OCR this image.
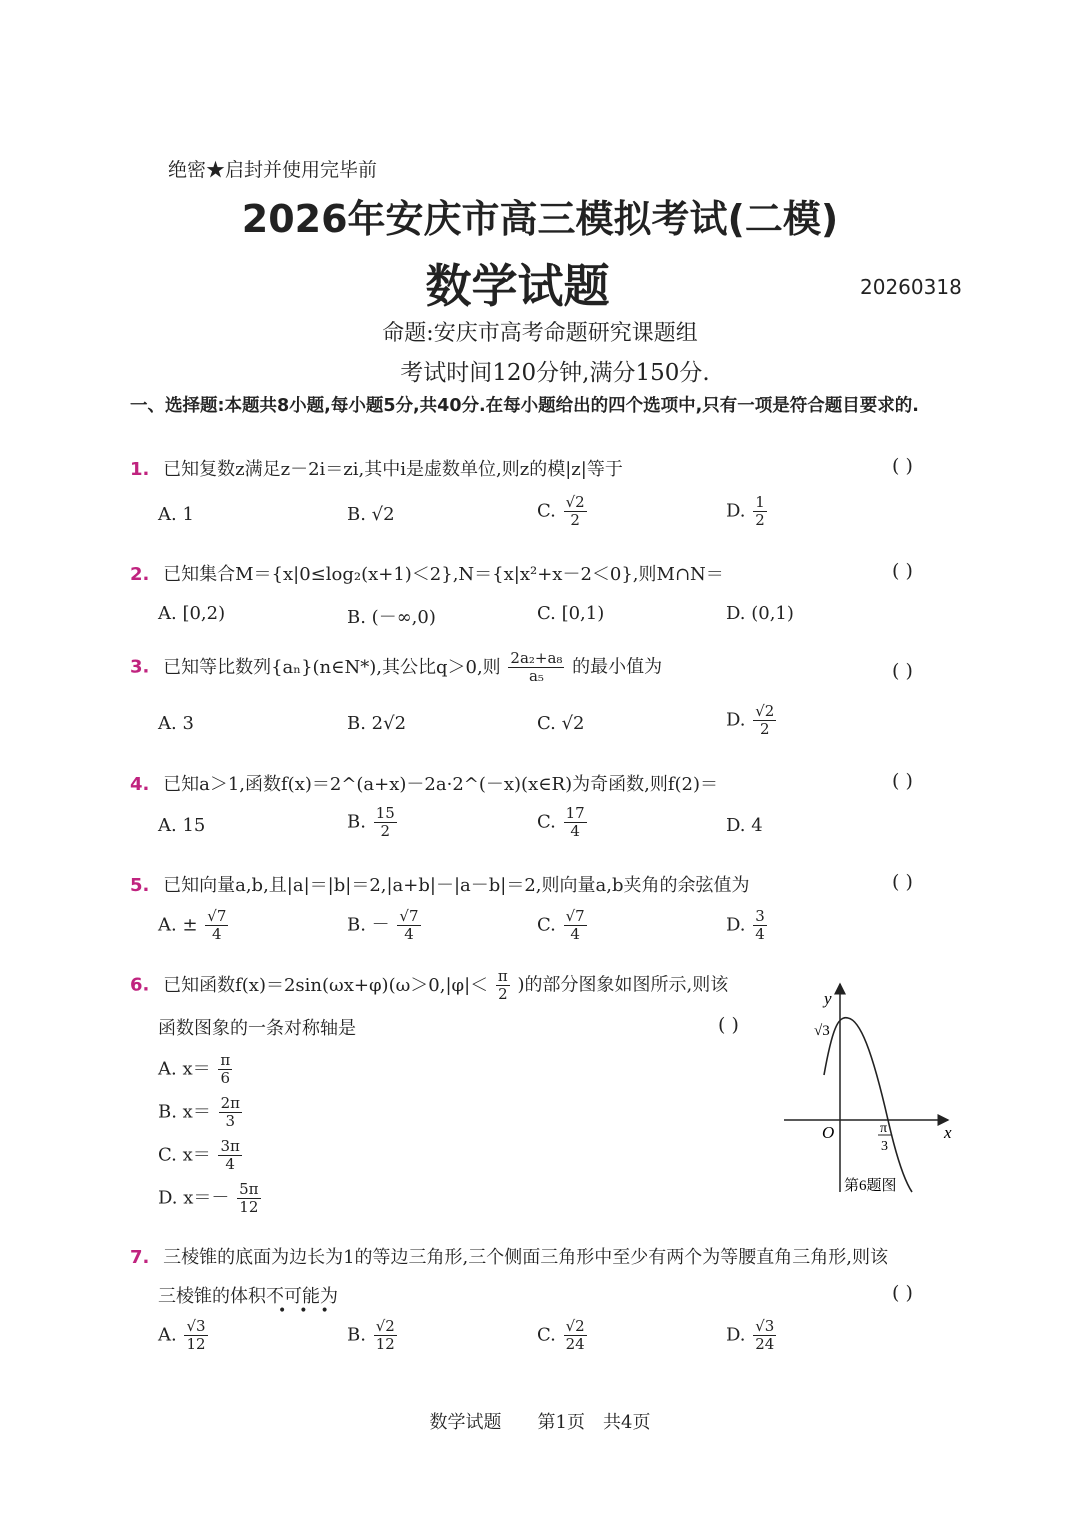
绝密★启封并使用完毕前
2026年安庆市高三模拟考试(二模)
数学试题	20260318
命题:安庆市高考命题研究课题组
考试时间120分钟,满分150分.
一、选择题:本题共8小题,每小题5分,共40分.在每小题给出的四个选项中,只有一项是符合题目要求的.
1. 已知复数z满足z－2i＝zi,其中i是虚数单位,则z的模|z|等于	( )
A. 1	B. √2	C. $\frac{√2}{2}$	D. $\frac{1}{2}$
2. 已知集合M＝{x|0≤log₂(x+1)＜2},N＝{x|x²+x－2＜0},则M∩N＝	( )
A. [0,2)	B. (－∞,0)	C. [0,1)	D. (0,1)
3. 已知等比数列{aₙ}(n∈N*),其公比q＞0,则 $\frac{\text{2a₂+a₈}}{\text{a₅}}$ 的最小值为	( )
A. 3	B. 2√2	C. √2	D. $\frac{√2}{2}$
4. 已知a＞1,函数f(x)＝2^(a+x)－2a·2^(－x)(x∈R)为奇函数,则f(2)＝	( )
A. 15	B. $\frac{15}{2}$	C. $\frac{17}{4}$	D. 4
5. 已知向量a,b,且|a|＝|b|＝2,|a+b|－|a－b|＝2,则向量a,b夹角的余弦值为	( )
A. ± $\frac{√7}{4}$	B. － $\frac{√7}{4}$	C. $\frac{√7}{4}$	D. $\frac{3}{4}$
6. 已知函数$f(x)=2\sin(\omega x+\varphi)(\omega>0,|\varphi|< \frac{\pi}{2}$ )的部分图象如图所示,则该
函数图象的一条对称轴是	( )
A. $x= \frac{\pi}{6}$
B. $x= \frac{2\pi}{3}$
C. $x= \frac{3\pi}{4}$
D. $x=- \frac{5\pi}{12}$
y
x
O
√3
π
3
第6题图
7. 三棱锥的底面为边长为1的等边三角形,三个侧面三角形中至少有两个为等腰直角三角形,则该
三棱锥的体积不可能为
•••
( )
A. $\frac{√3}{12}$	B. $\frac{√2}{12}$	C. $\frac{√2}{24}$	D. $\frac{√3}{24}$
数学试题　　第1页　共4页
